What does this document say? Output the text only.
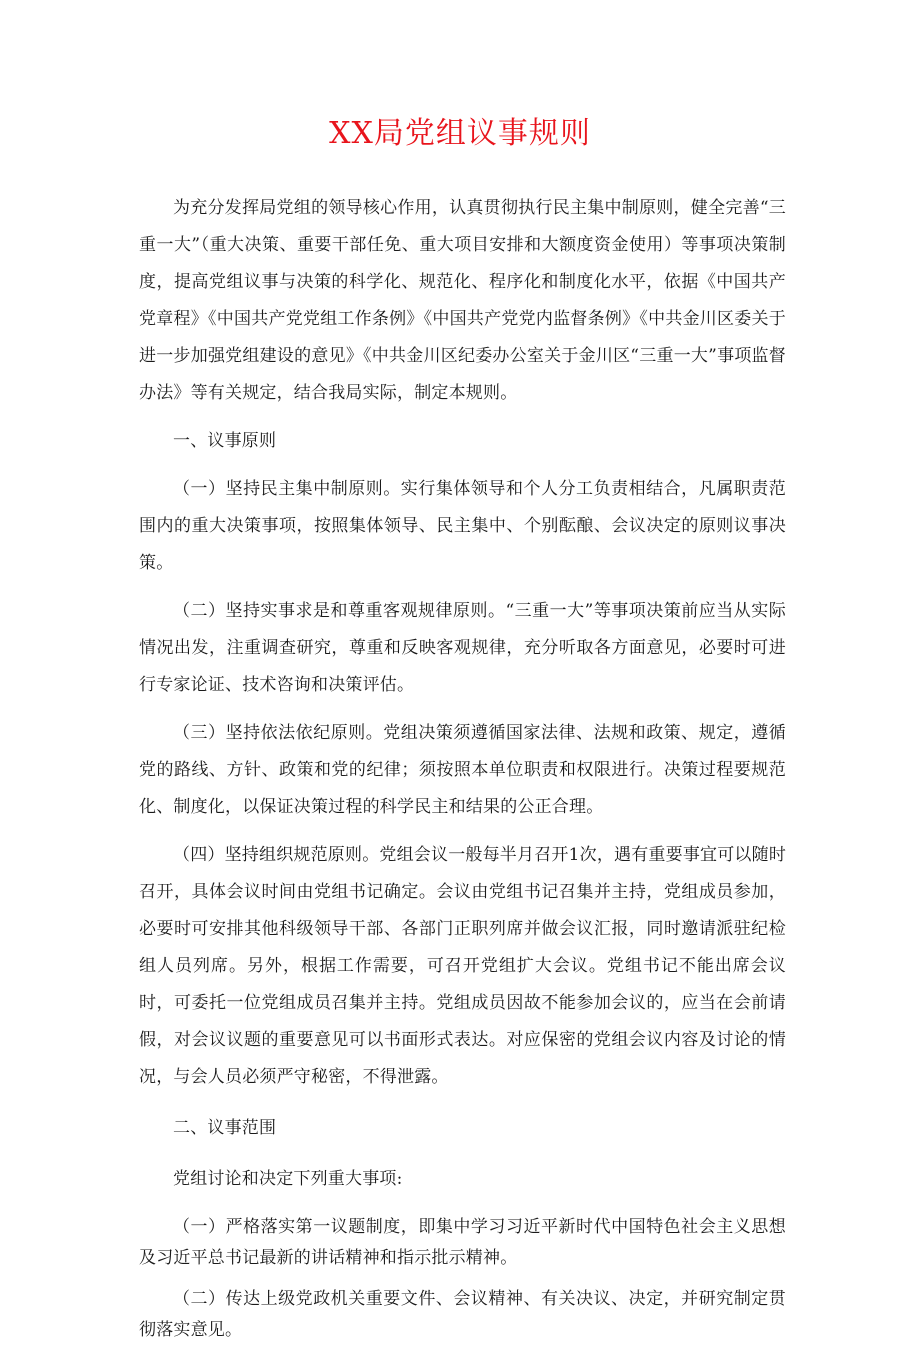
XX局党组议事规则

为充分发挥局党组的领导核心作用，认真贯彻执行民主集中制原则，健全完善“三重一大”（重大决策、重要干部任免、重大项目安排和大额度资金使用）等事项决策制度，提高党组议事与决策的科学化、规范化、程序化和制度化水平，依据《中国共产党章程》《中国共产党党组工作条例》《中国共产党党内监督条例》《中共金川区委关于进一步加强党组建设的意见》《中共金川区纪委办公室关于金川区“三重一大”事项监督办法》等有关规定，结合我局实际，制定本规则。

一、议事原则

（一）坚持民主集中制原则。实行集体领导和个人分工负责相结合，凡属职责范围内的重大决策事项，按照集体领导、民主集中、个别酝酿、会议决定的原则议事决策。

（二）坚持实事求是和尊重客观规律原则。“三重一大”等事项决策前应当从实际情况出发，注重调查研究，尊重和反映客观规律，充分听取各方面意见，必要时可进行专家论证、技术咨询和决策评估。

（三）坚持依法依纪原则。党组决策须遵循国家法律、法规和政策、规定，遵循党的路线、方针、政策和党的纪律；须按照本单位职责和权限进行。决策过程要规范化、制度化，以保证决策过程的科学民主和结果的公正合理。

（四）坚持组织规范原则。党组会议一般每半月召开1次，遇有重要事宜可以随时召开，具体会议时间由党组书记确定。会议由党组书记召集并主持，党组成员参加，必要时可安排其他科级领导干部、各部门正职列席并做会议汇报，同时邀请派驻纪检组人员列席。另外，根据工作需要，可召开党组扩大会议。党组书记不能出席会议时，可委托一位党组成员召集并主持。党组成员因故不能参加会议的，应当在会前请假，对会议议题的重要意见可以书面形式表达。对应保密的党组会议内容及讨论的情况，与会人员必须严守秘密，不得泄露。

二、议事范围

党组讨论和决定下列重大事项:

（一）严格落实第一议题制度，即集中学习习近平新时代中国特色社会主义思想及习近平总书记最新的讲话精神和指示批示精神。

（二）传达上级党政机关重要文件、会议精神、有关决议、决定，并研究制定贯彻落实意见。
